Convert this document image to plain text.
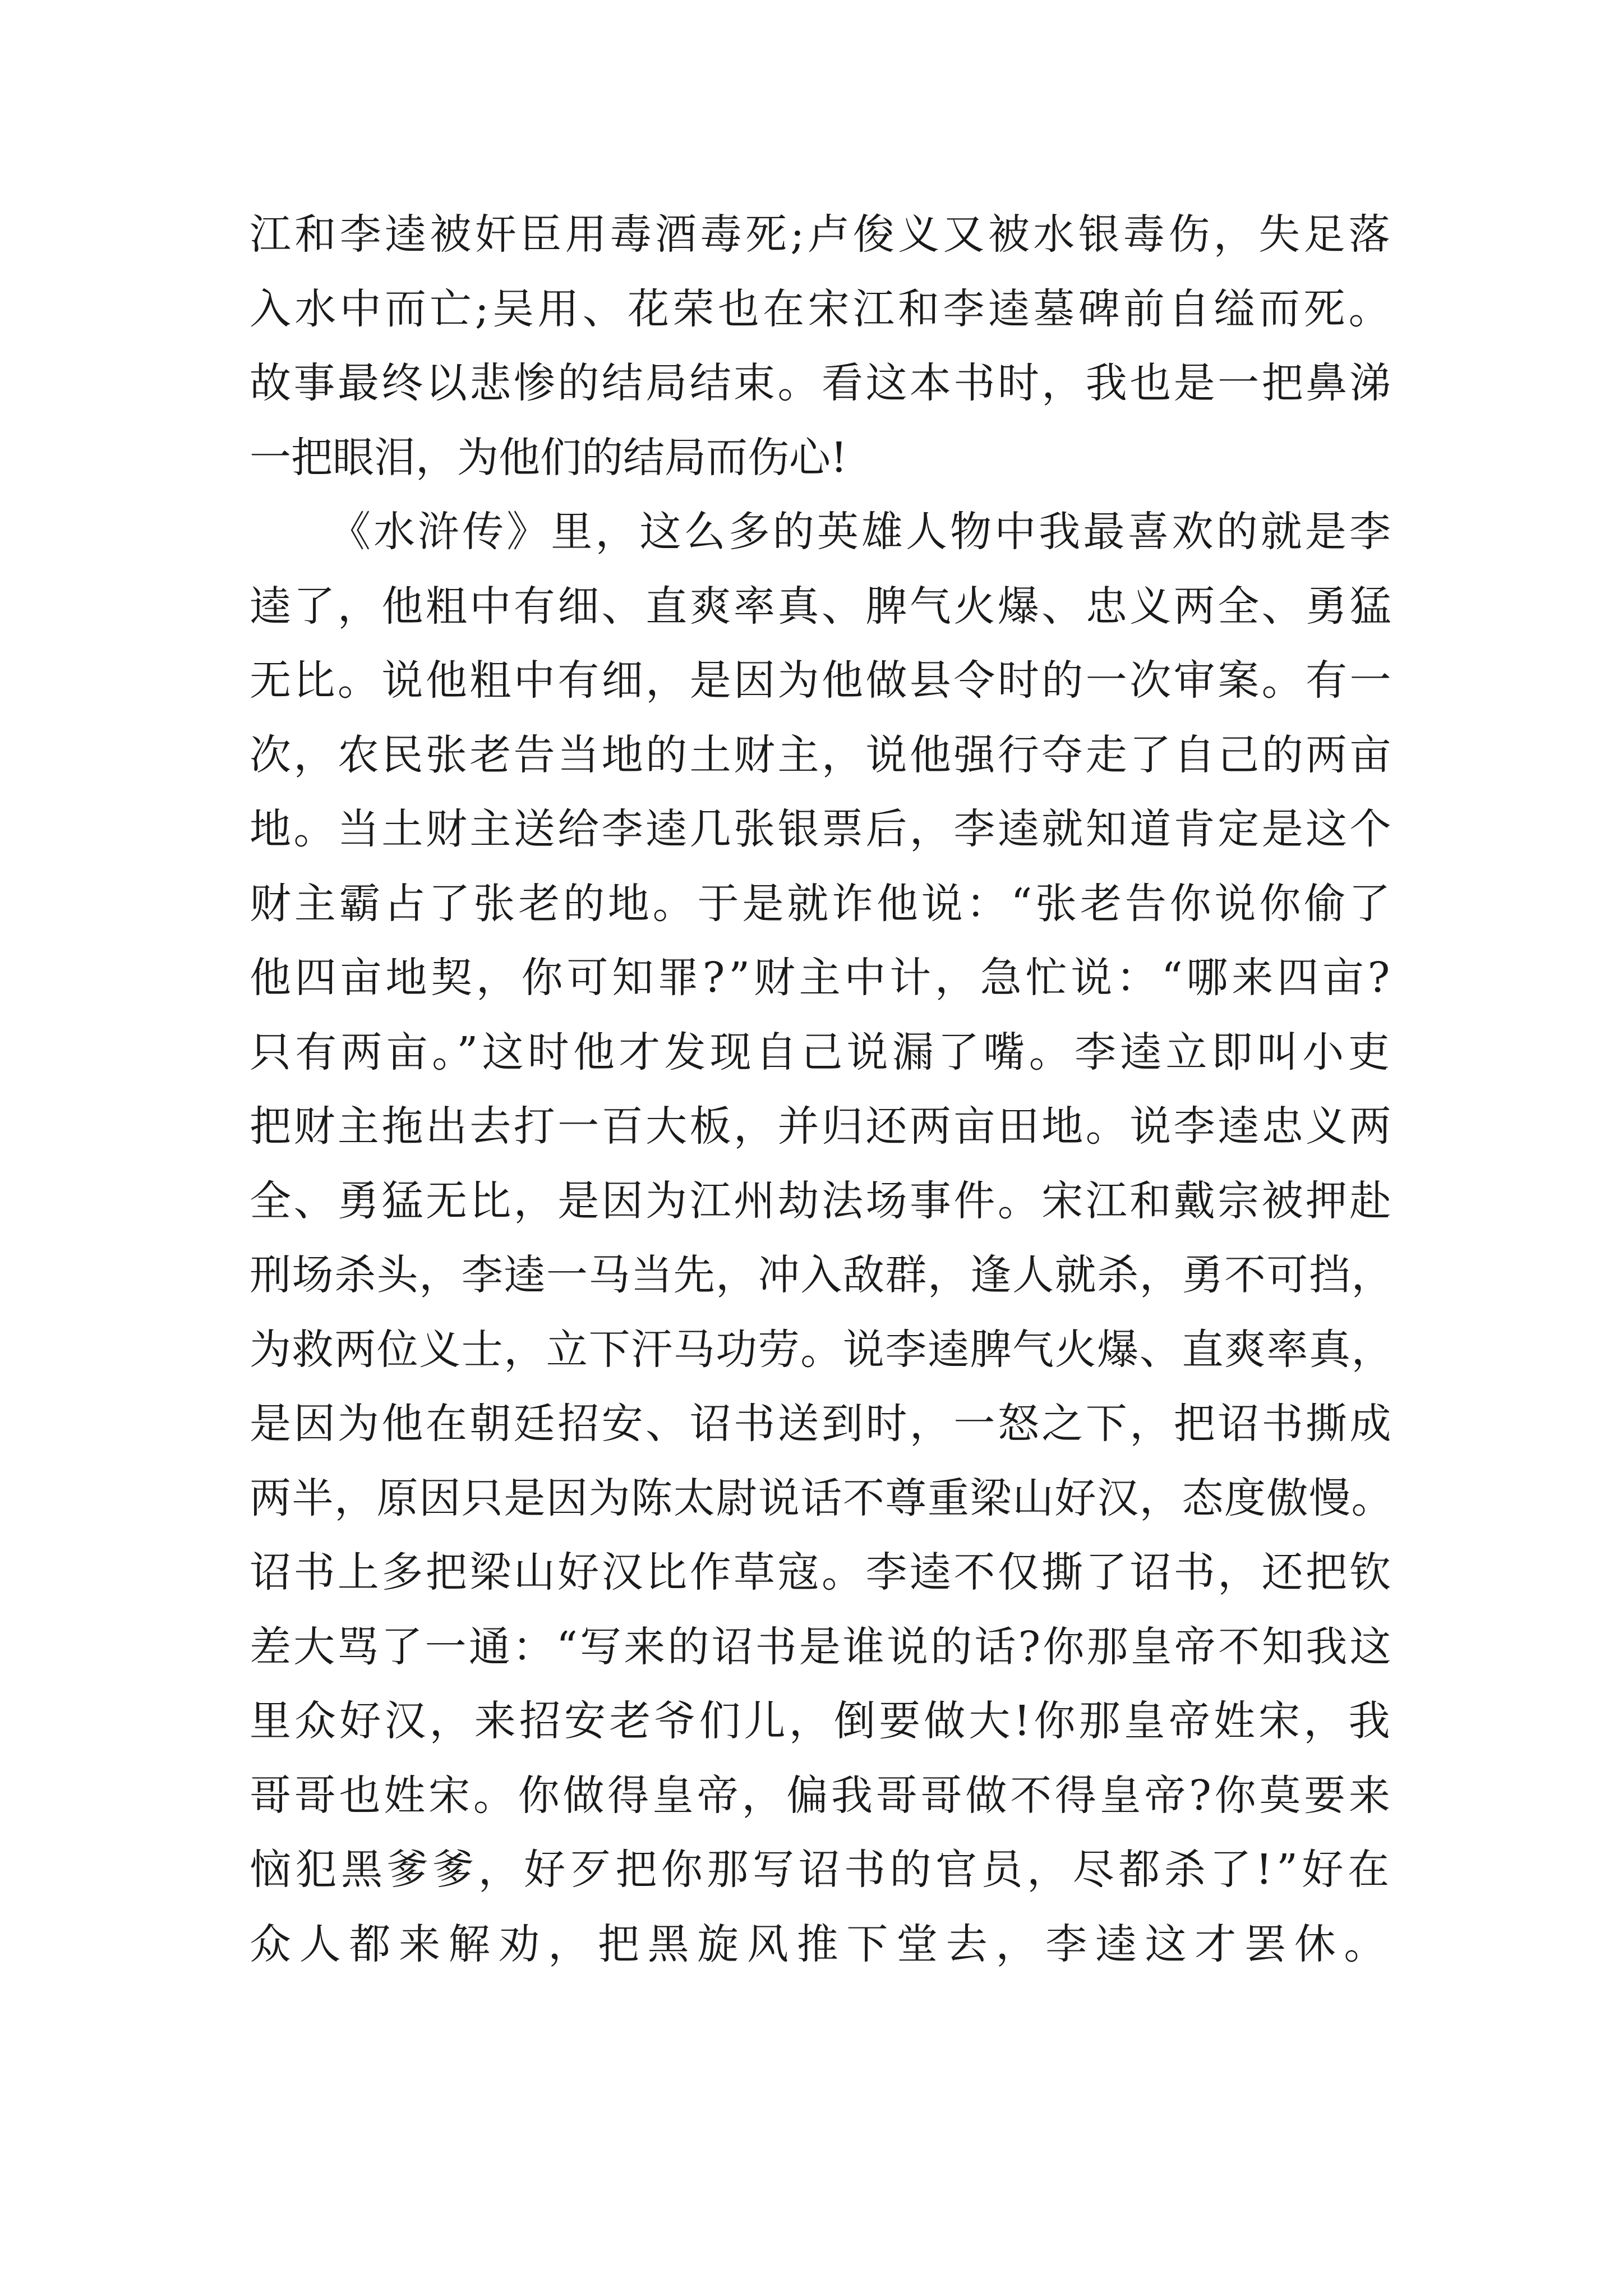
江和李逵被奸臣用毒酒毒死;卢俊义又被水银毒伤，失足落
入水中而亡;吴用、花荣也在宋江和李逵墓碑前自缢而死。
故事最终以悲惨的结局结束。看这本书时，我也是一把鼻涕
一把眼泪，为他们的结局而伤心!
《水浒传》里，这么多的英雄人物中我最喜欢的就是李
逵了，他粗中有细、直爽率真、脾气火爆、忠义两全、勇猛
无比。说他粗中有细，是因为他做县令时的一次审案。有一
次，农民张老告当地的土财主，说他强行夺走了自己的两亩
地。当土财主送给李逵几张银票后，李逵就知道肯定是这个
财主霸占了张老的地。于是就诈他说：“张老告你说你偷了
他四亩地契，你可知罪?”财主中计，急忙说：“哪来四亩?
只有两亩。”这时他才发现自己说漏了嘴。李逵立即叫小吏
把财主拖出去打一百大板，并归还两亩田地。说李逵忠义两
全、勇猛无比，是因为江州劫法场事件。宋江和戴宗被押赴
刑场杀头，李逵一马当先，冲入敌群，逢人就杀，勇不可挡，
为救两位义士，立下汗马功劳。说李逵脾气火爆、直爽率真，
是因为他在朝廷招安、诏书送到时，一怒之下，把诏书撕成
两半，原因只是因为陈太尉说话不尊重梁山好汉，态度傲慢。
诏书上多把梁山好汉比作草寇。李逵不仅撕了诏书，还把钦
差大骂了一通：“写来的诏书是谁说的话?你那皇帝不知我这
里众好汉，来招安老爷们儿，倒要做大!你那皇帝姓宋，我
哥哥也姓宋。你做得皇帝，偏我哥哥做不得皇帝?你莫要来
恼犯黑爹爹，好歹把你那写诏书的官员，尽都杀了!”好在
众人都来解劝，把黑旋风推下堂去，李逵这才罢休。
